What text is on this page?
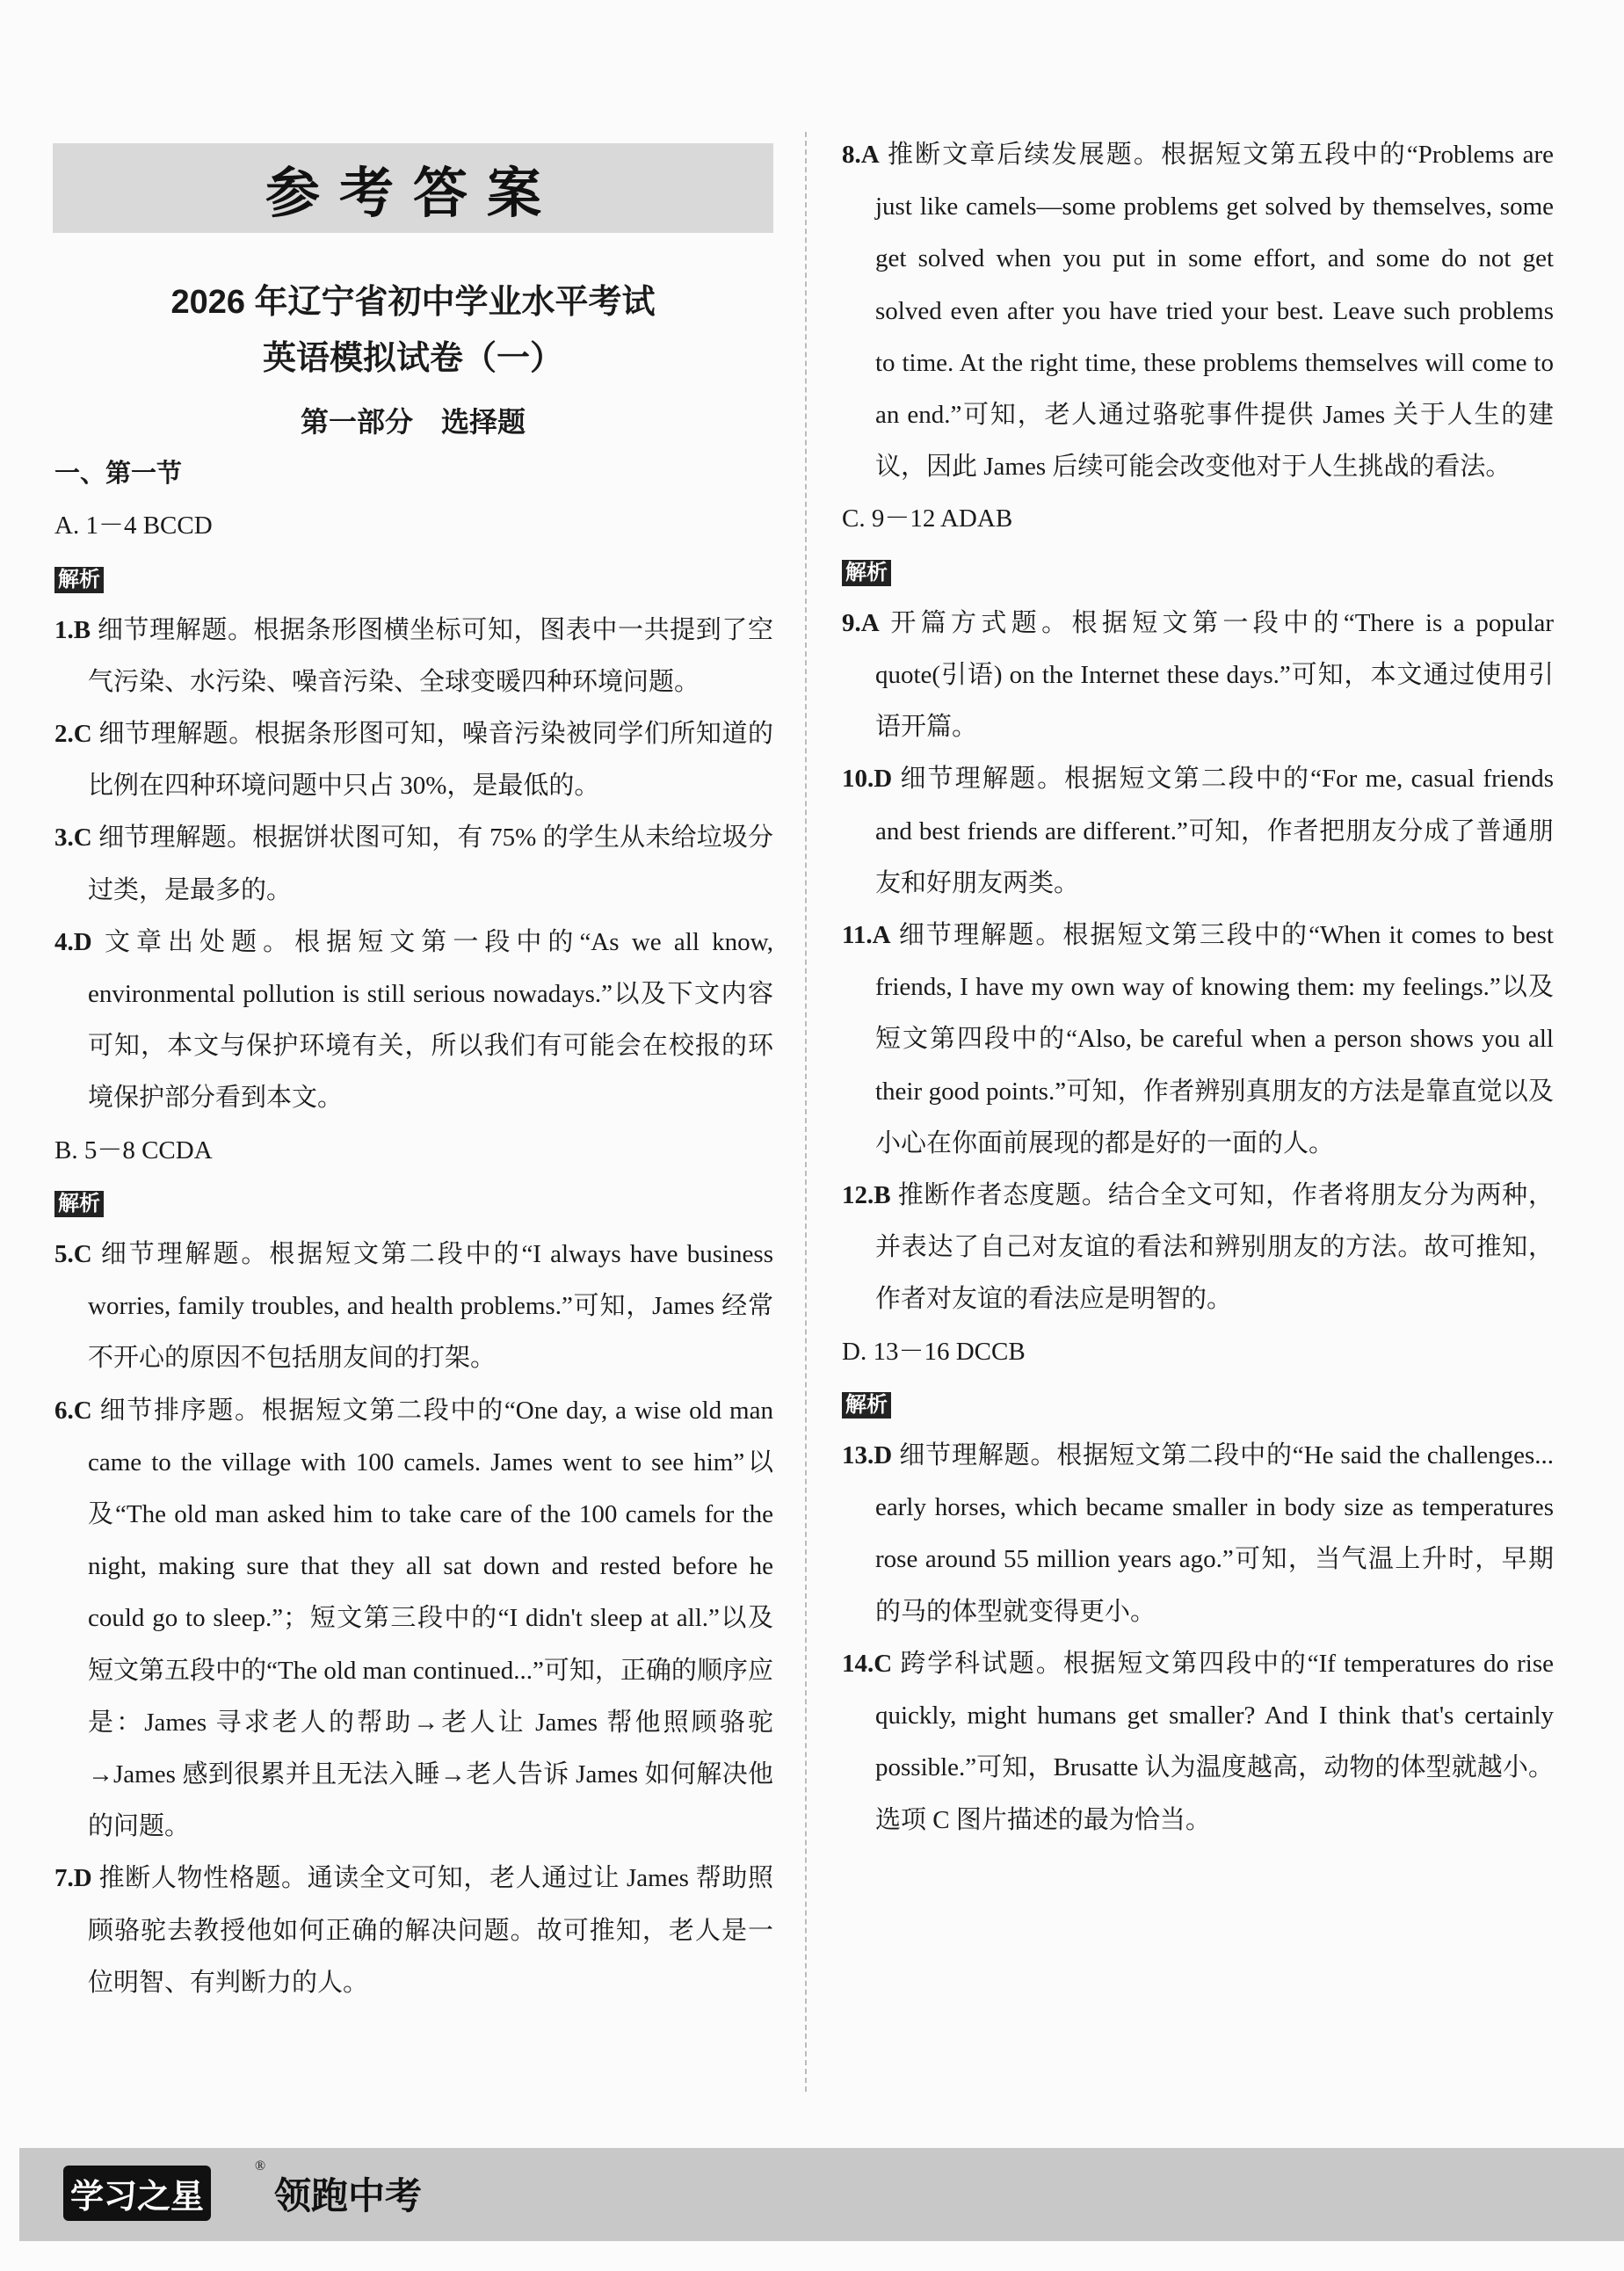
参考答案
2026 年辽宁省初中学业水平考试
英语模拟试卷（一）
第一部分　选择题
一、第一节
A. 1－4 BCCD
解析
1.B 细节理解题。根据条形图横坐标可知，图表中一共提到了空气污染、水污染、噪音污染、全球变暖四种环境问题。
2.C 细节理解题。根据条形图可知，噪音污染被同学们所知道的比例在四种环境问题中只占 30%，是最低的。
3.C 细节理解题。根据饼状图可知，有 75% 的学生从未给垃圾分过类，是最多的。
4.D 文章出处题。根据短文第一段中的“As we all know, environmental pollution is still serious nowadays.”以及下文内容可知，本文与保护环境有关，所以我们有可能会在校报的环境保护部分看到本文。
B. 5－8 CCDA
解析
5.C 细节理解题。根据短文第二段中的“I always have business worries, family troubles, and health problems.”可知，James 经常不开心的原因不包括朋友间的打架。
6.C 细节排序题。根据短文第二段中的“One day, a wise old man came to the village with 100 camels. James went to see him”以及“The old man asked him to take care of the 100 camels for the night, making sure that they all sat down and rested before he could go to sleep.”；短文第三段中的“I didn't sleep at all.”以及短文第五段中的“The old man continued...”可知，正确的顺序应是：James 寻求老人的帮助→老人让 James 帮他照顾骆驼→James 感到很累并且无法入睡→老人告诉 James 如何解决他的问题。
7.D 推断人物性格题。通读全文可知，老人通过让 James 帮助照顾骆驼去教授他如何正确的解决问题。故可推知，老人是一位明智、有判断力的人。
8.A 推断文章后续发展题。根据短文第五段中的“Problems are just like camels—some problems get solved by themselves, some get solved when you put in some effort, and some do not get solved even after you have tried your best. Leave such problems to time. At the right time, these problems themselves will come to an end.”可知，老人通过骆驼事件提供 James 关于人生的建议，因此 James 后续可能会改变他对于人生挑战的看法。
C. 9－12 ADAB
解析
9.A 开篇方式题。根据短文第一段中的“There is a popular quote(引语) on the Internet these days.”可知，本文通过使用引语开篇。
10.D 细节理解题。根据短文第二段中的“For me, casual friends and best friends are different.”可知，作者把朋友分成了普通朋友和好朋友两类。
11.A 细节理解题。根据短文第三段中的“When it comes to best friends, I have my own way of knowing them: my feelings.”以及短文第四段中的“Also, be careful when a person shows you all their good points.”可知，作者辨别真朋友的方法是靠直觉以及小心在你面前展现的都是好的一面的人。
12.B 推断作者态度题。结合全文可知，作者将朋友分为两种，并表达了自己对友谊的看法和辨别朋友的方法。故可推知，作者对友谊的看法应是明智的。
D. 13－16 DCCB
解析
13.D 细节理解题。根据短文第二段中的“He said the challenges... early horses, which became smaller in body size as temperatures rose around 55 million years ago.”可知，当气温上升时，早期的马的体型就变得更小。
14.C 跨学科试题。根据短文第四段中的“If temperatures do rise quickly, might humans get smaller? And I think that's certainly possible.”可知，Brusatte 认为温度越高，动物的体型就越小。选项 C 图片描述的最为恰当。
学习之星
®
领跑中考
